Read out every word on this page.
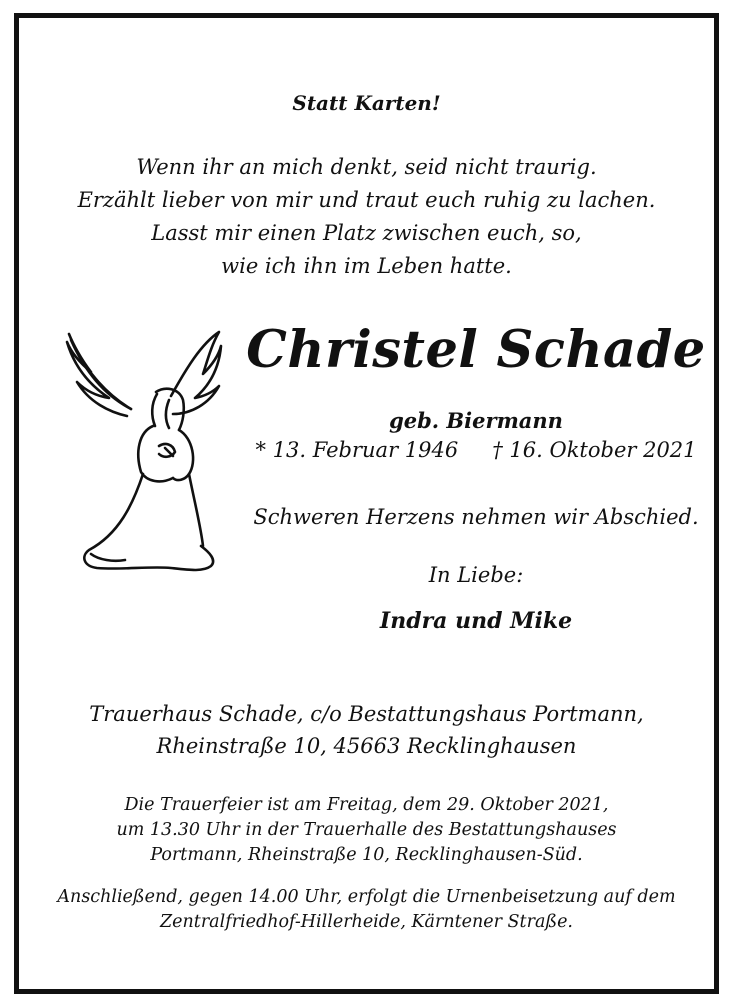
Statt Karten!
Wenn ihr an mich denkt, seid nicht traurig.
Erzählt lieber von mir und traut euch ruhig zu lachen.
Lasst mir einen Platz zwischen euch, so,
wie ich ihn im Leben hatte.
Christel Schade
geb. Biermann
* 13. Februar 1946 † 16. Oktober 2021
Schweren Herzens nehmen wir Abschied.
In Liebe:
Indra und Mike
Trauerhaus Schade, c/o Bestattungshaus Portmann,
Rheinstraße 10, 45663 Recklinghausen
Die Trauerfeier ist am Freitag, dem 29. Oktober 2021,
um 13.30 Uhr in der Trauerhalle des Bestattungshauses
Portmann, Rheinstraße 10, Recklinghausen-Süd.
Anschließend, gegen 14.00 Uhr, erfolgt die Urnenbeisetzung auf dem
Zentralfriedhof-Hillerheide, Kärntener Straße.
